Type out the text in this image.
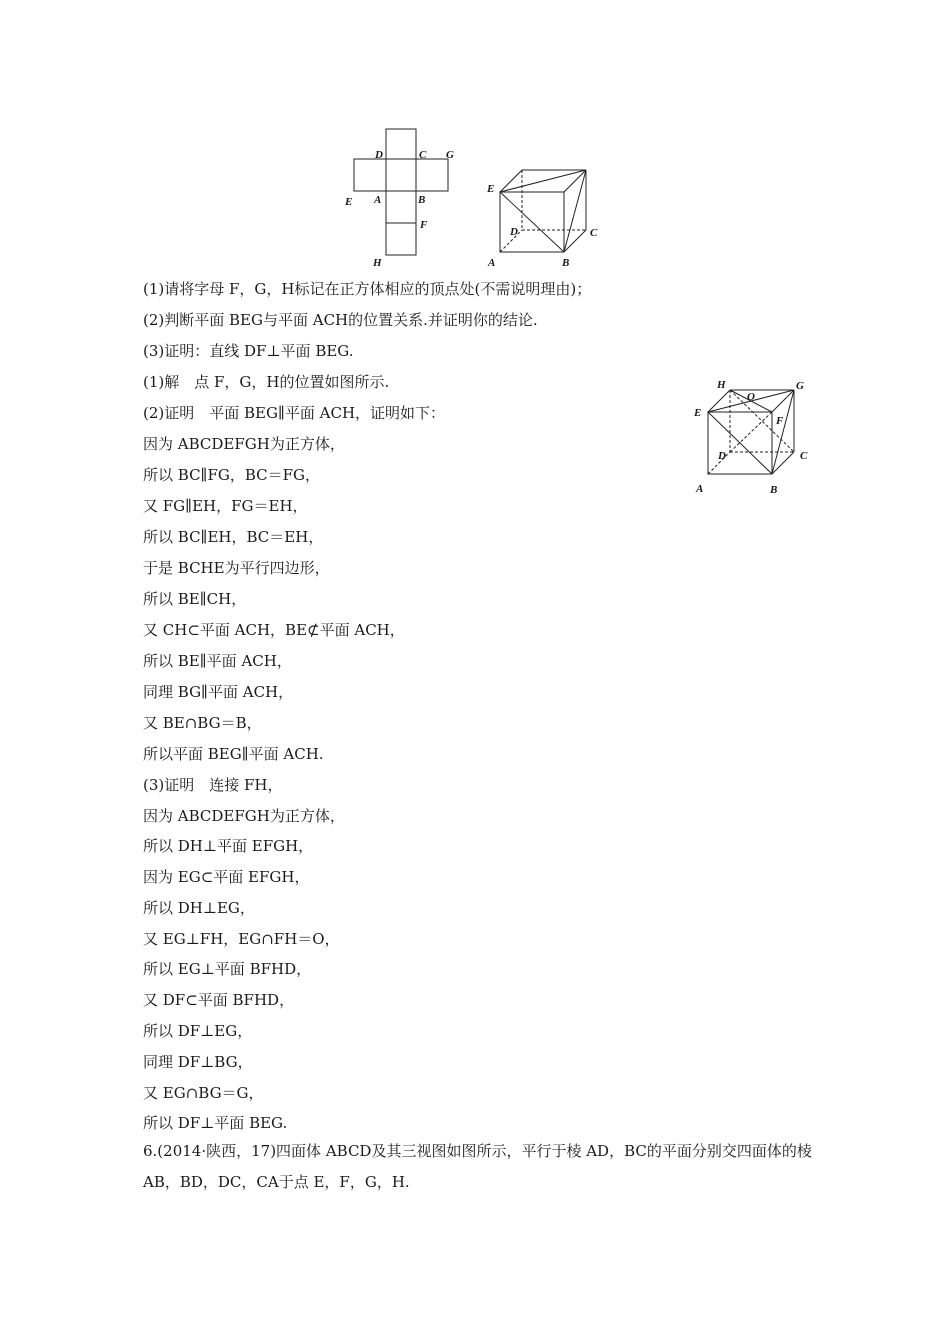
D	C G
E A	B
F
H
E
D	C
A	B
H
O
G
E
F
D	C
A	B
(1)请将字母 F，G，H标记在正方体相应的顶点处(不需说明理由)；
(2)判断平面 BEG与平面 ACH的位置关系.并证明你的结论.
(3)证明：直线 DF⊥平面 BEG.
(1)解　点 F，G，H的位置如图所示.
(2)证明　平面 BEG∥平面 ACH，证明如下：
因为 ABCDEFGH为正方体，
所以 BC∥FG，BC＝FG，
又 FG∥EH，FG＝EH，
所以 BC∥EH，BC＝EH，
于是 BCHE为平行四边形，
所以 BE∥CH，
又 CH⊂平面 ACH，BE⊄平面 ACH，
所以 BE∥平面 ACH，
同理 BG∥平面 ACH，
又 BE∩BG＝B，
所以平面 BEG∥平面 ACH.
(3)证明　连接 FH，
因为 ABCDEFGH为正方体，
所以 DH⊥平面 EFGH，
因为 EG⊂平面 EFGH，
所以 DH⊥EG，
又 EG⊥FH，EG∩FH＝O，
所以 EG⊥平面 BFHD，
又 DF⊂平面 BFHD，
所以 DF⊥EG，
同理 DF⊥BG，
又 EG∩BG＝G，
所以 DF⊥平面 BEG.
6.(2014·陕西，17)四面体 ABCD及其三视图如图所示，平行于棱 AD，BC的平面分别交四面体的棱 AB，BD，DC，CA于点 E，F，G，H.
